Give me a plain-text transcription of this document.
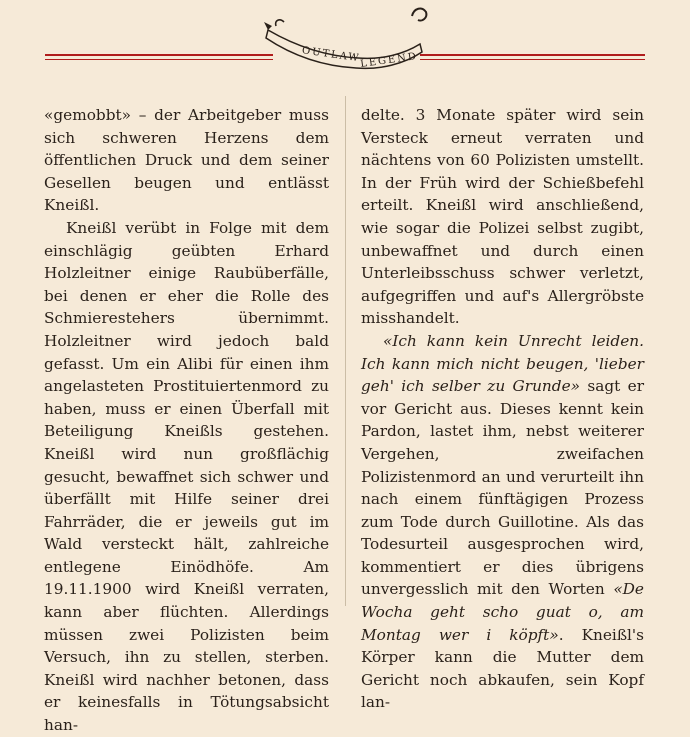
OUTLAW
LEGEND

«gemobbt» – der Arbeitgeber muss sich schweren Herzens dem öffentlichen Druck und dem seiner Gesellen beugen und entlässt Kneißl.

Kneißl verübt in Folge mit dem einschlägig geübten Erhard Holzleitner einige Raubüberfälle, bei denen er eher die Rolle des Schmierestehers übernimmt. Holzleitner wird jedoch bald gefasst. Um ein Alibi für einen ihm angelasteten Prostituiertenmord zu haben, muss er einen Überfall mit Beteiligung Kneißls gestehen. Kneißl wird nun großflächig gesucht, bewaffnet sich schwer und überfällt mit Hilfe seiner drei Fahrräder, die er jeweils gut im Wald versteckt hält, zahlreiche entlegene Einödhöfe. Am 19.11.1900 wird Kneißl verraten, kann aber flüchten. Allerdings müssen zwei Polizisten beim Versuch, ihn zu stellen, sterben. Kneißl wird nachher betonen, dass er keinesfalls in Tötungsabsicht han-

delte. 3 Monate später wird sein Versteck erneut verraten und nächtens von 60 Polizisten umstellt. In der Früh wird der Schießbefehl erteilt. Kneißl wird anschließend, wie sogar die Polizei selbst zugibt, unbewaffnet und durch einen Unterleibsschuss schwer verletzt, aufgegriffen und auf's Allergröbste misshandelt.

«Ich kann kein Unrecht leiden. Ich kann mich nicht beugen, 'lieber geh' ich selber zu Grunde» sagt er vor Gericht aus. Dieses kennt kein Pardon, lastet ihm, nebst weiterer Vergehen, zweifachen Polizistenmord an und verurteilt ihn nach einem fünftägigen Prozess zum Tode durch Guillotine. Als das Todesurteil ausgesprochen wird, kommentiert er dies übrigens unvergesslich mit den Worten «De Wocha geht scho guat o, am Montag wer i köpft». Kneißl's Körper kann die Mutter dem Gericht noch abkaufen, sein Kopf lan-
